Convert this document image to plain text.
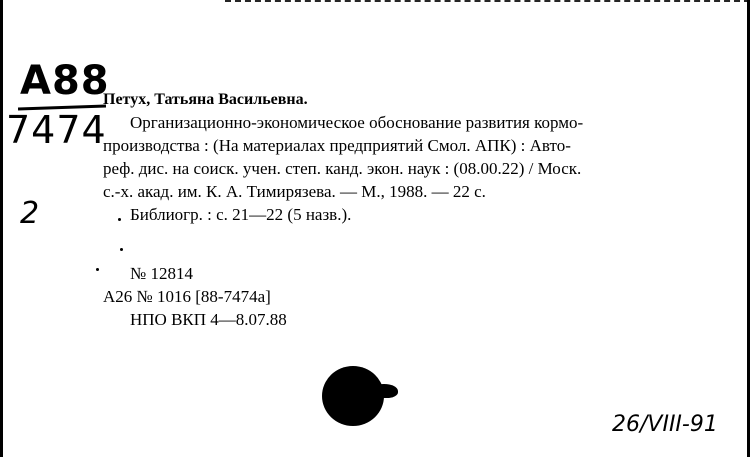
A88
7474
2
Петух, Татьяна Васильевна.
Организационно-экономическое обоснование развития кормо-
производства : (На материалах предприятий Смол. АПК) : Авто-
реф. дис. на соиск. учен. степ. канд. экон. наук : (08.00.22) / Моск.
с.-х. акад. им. К. А. Тимирязева. — М., 1988. — 22 с.
Библиогр. : с. 21—22 (5 назв.).
№ 12814
А26 № 1016 [88-7474а]
НПО ВКП 4—8.07.88
26/VIII-91
